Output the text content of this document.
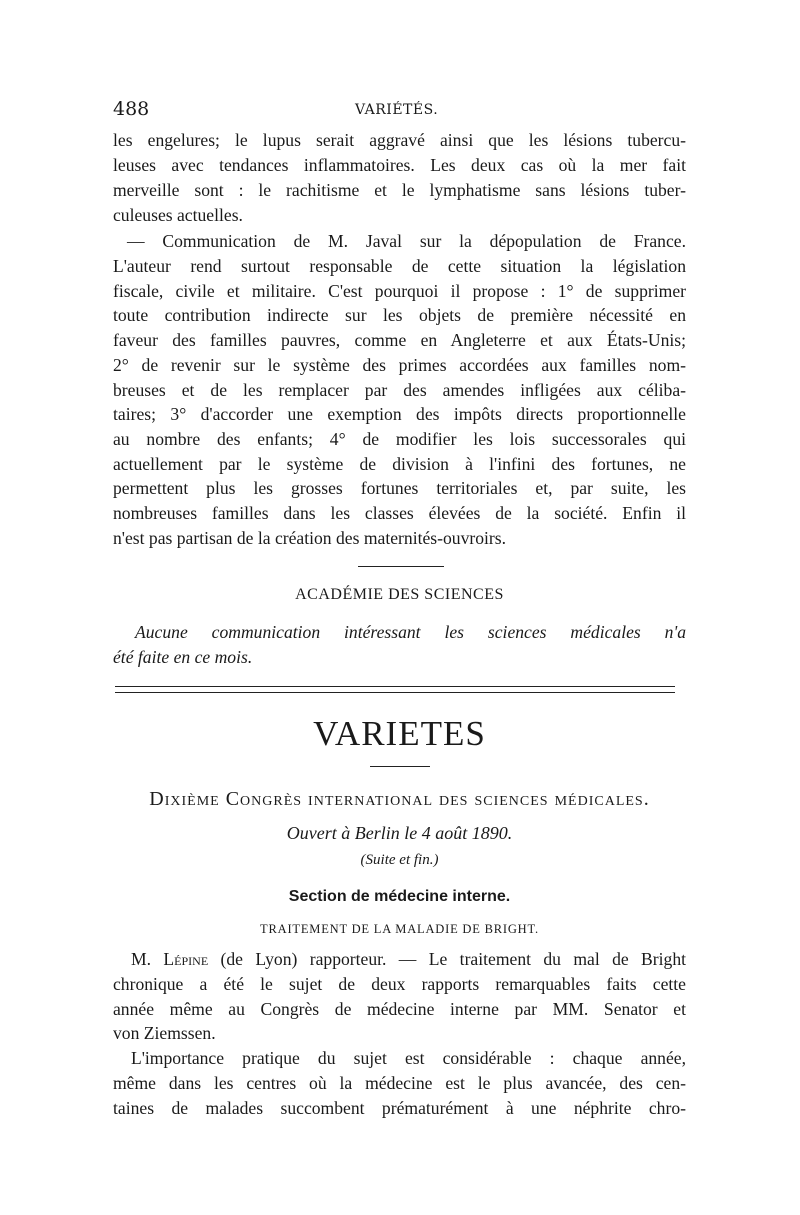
488	VARIÉTÉS.
les engelures; le lupus serait aggravé ainsi que les lésions tubercu-
leuses avec tendances inflammatoires. Les deux cas où la mer fait
merveille sont : le rachitisme et le lymphatisme sans lésions tuber-
culeuses actuelles.
— Communication de M. Javal sur la dépopulation de France.
L'auteur rend surtout responsable de cette situation la législation
fiscale, civile et militaire. C'est pourquoi il propose : 1° de supprimer
toute contribution indirecte sur les objets de première nécessité en
faveur des familles pauvres, comme en Angleterre et aux États-Unis;
2° de revenir sur le système des primes accordées aux familles nom-
breuses et de les remplacer par des amendes infligées aux céliba-
taires; 3° d'accorder une exemption des impôts directs proportionnelle
au nombre des enfants; 4° de modifier les lois successorales qui
actuellement par le système de division à l'infini des fortunes, ne
permettent plus les grosses fortunes territoriales et, par suite, les
nombreuses familles dans les classes élevées de la société. Enfin il
n'est pas partisan de la création des maternités-ouvroirs.
ACADÉMIE DES SCIENCES
Aucune communication intéressant les sciences médicales n'a
été faite en ce mois.
VARIETES
Dixième Congrès international des sciences médicales.
Ouvert à Berlin le 4 août 1890.
(Suite et fin.)
Section de médecine interne.
TRAITEMENT DE LA MALADIE DE BRIGHT.
M. Lépine (de Lyon) rapporteur. — Le traitement du mal de Bright
chronique a été le sujet de deux rapports remarquables faits cette
année même au Congrès de médecine interne par MM. Senator et
von Ziemssen.
L'importance pratique du sujet est considérable : chaque année,
même dans les centres où la médecine est le plus avancée, des cen-
taines de malades succombent prématurément à une néphrite chro-
